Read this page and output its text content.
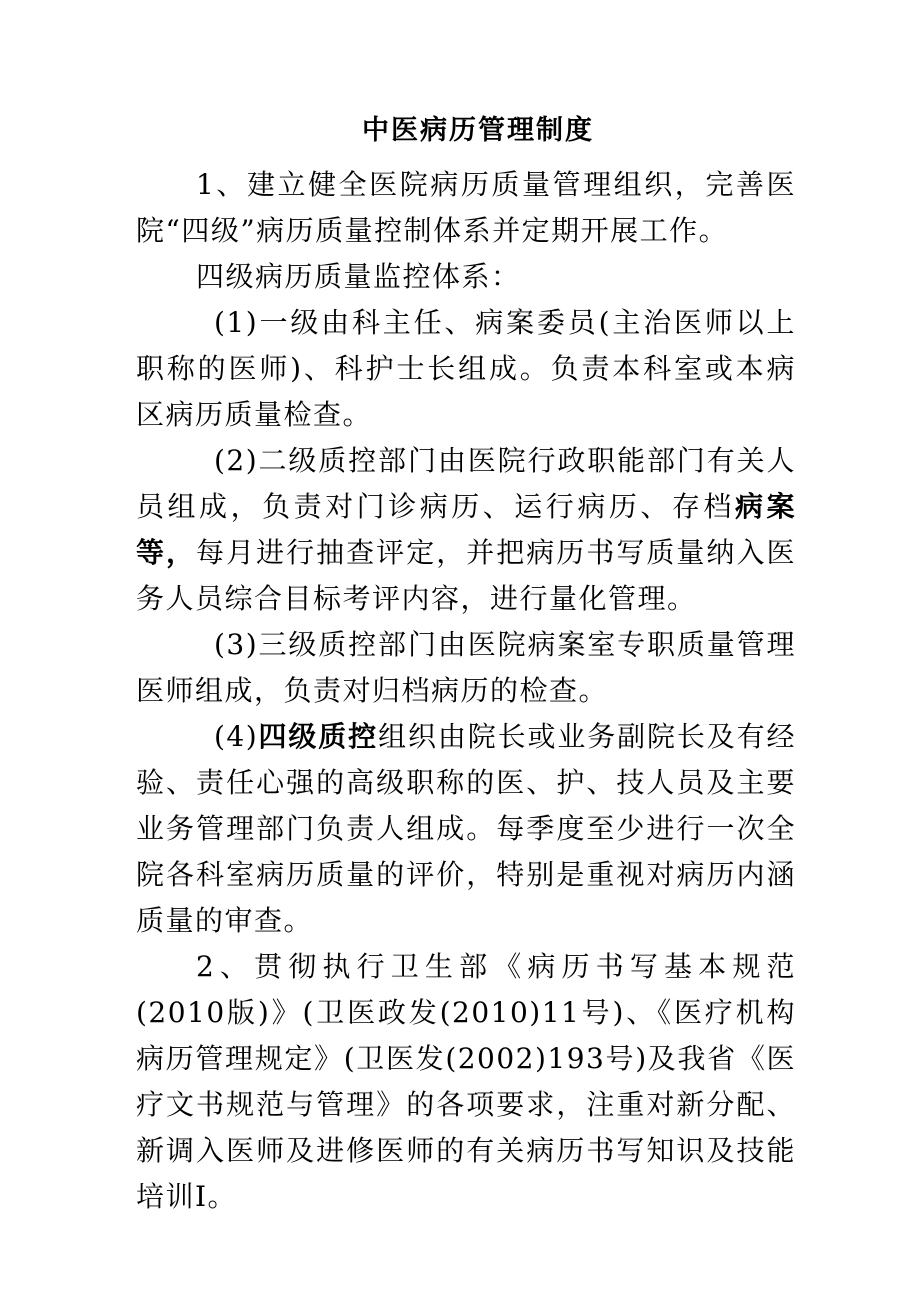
中医病历管理制度

1、建立健全医院病历质量管理组织，完善医院“四级”病历质量控制体系并定期开展工作。

四级病历质量监控体系：

(1)一级由科主任、病案委员(主治医师以上职称的医师)、科护士长组成。负责本科室或本病区病历质量检查。

(2)二级质控部门由医院行政职能部门有关人员组成，负责对门诊病历、运行病历、存档病案等，每月进行抽查评定，并把病历书写质量纳入医务人员综合目标考评内容，进行量化管理。

(3)三级质控部门由医院病案室专职质量管理医师组成，负责对归档病历的检查。

(4)四级质控组织由院长或业务副院长及有经验、责任心强的高级职称的医、护、技人员及主要业务管理部门负责人组成。每季度至少进行一次全院各科室病历质量的评价，特别是重视对病历内涵质量的审查。

2、贯彻执行卫生部《病历书写基本规范(2010版)》(卫医政发(2010)11号)、《医疗机构病历管理规定》(卫医发(2002)193号)及我省《医疗文书规范与管理》的各项要求，注重对新分配、新调入医师及进修医师的有关病历书写知识及技能培训I。
